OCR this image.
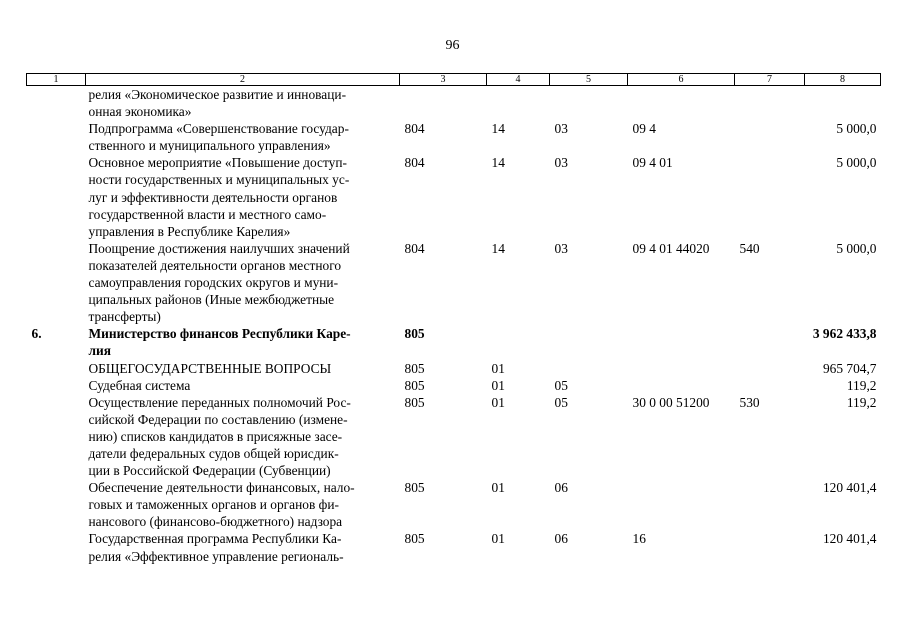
96
1	2	3	4	5	6	7	8

	релия «Экономическое развитие и инноваци-
онная экономика»						

	Подпрограмма «Совершенствование государ-
ственного и муниципального управления»	804	14	03	09 4		5 000,0

	Основное мероприятие «Повышение доступ-
ности государственных и муниципальных ус-
луг и эффективности деятельности органов
государственной власти и местного само-
управления в Республике Карелия»	804	14	03	09 4 01		5 000,0

	Поощрение достижения наилучших значений
показателей деятельности органов местного
самоуправления городских округов и муни-
ципальных районов (Иные межбюджетные
трансферты)	804	14	03	09 4 01 44020	540	5 000,0
6.	Министерство финансов Республики Каре-
лия	805					3 962 433,8

	ОБЩЕГОСУДАРСТВЕННЫЕ ВОПРОСЫ	805	01				965 704,7

	Судебная система	805	01	05			119,2

	Осуществление переданных полномочий Рос-
сийской Федерации по составлению (измене-
нию) списков кандидатов в присяжные засе-
датели федеральных судов общей юрисдик-
ции в Российской Федерации (Субвенции)	805	01	05	30 0 00 51200	530	119,2

	Обеспечение деятельности финансовых, нало-
говых и таможенных органов и органов фи-
нансового (финансово-бюджетного) надзора	805	01	06			120 401,4

	Государственная программа Республики Ка-
релия «Эффективное управление региональ-	805	01	06	16		120 401,4
